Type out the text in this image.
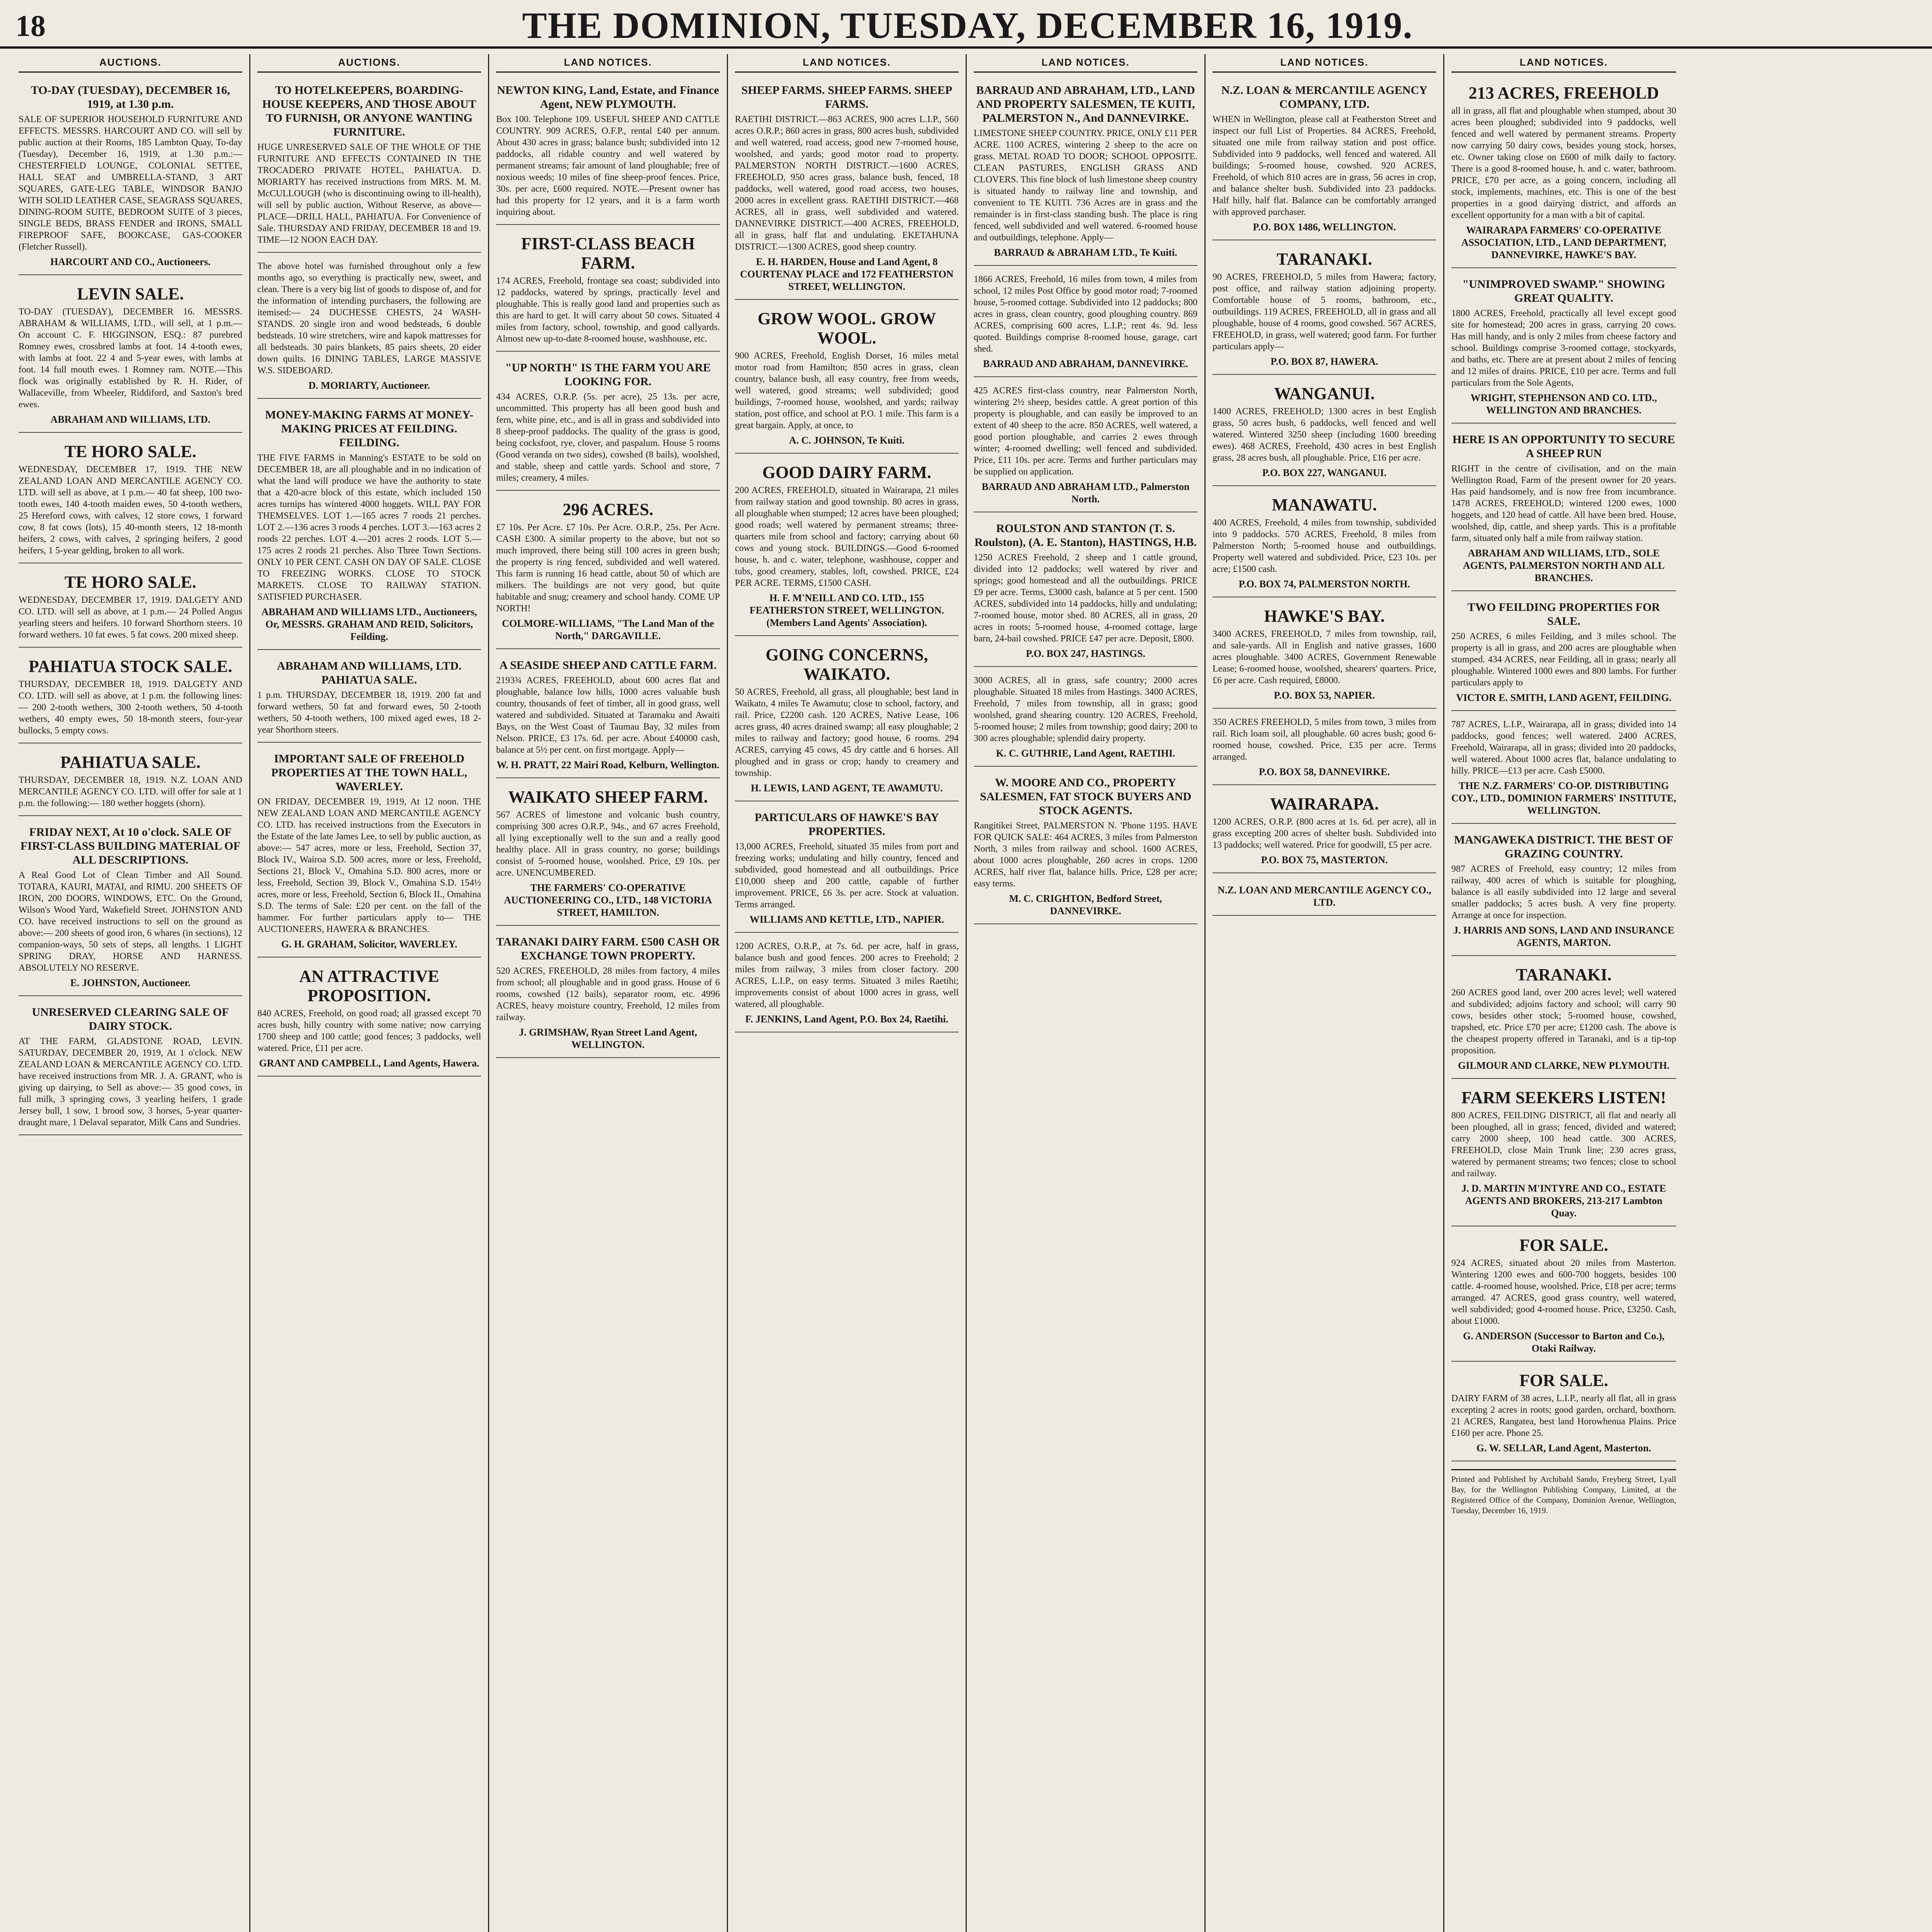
18	THE DOMINION, TUESDAY, DECEMBER 16, 1919.
AUCTIONS.
TO-DAY (TUESDAY), DECEMBER 16, 1919, at 1.30 p.m.
SALE OF SUPERIOR HOUSEHOLD FURNITURE AND EFFECTS. MESSRS. HARCOURT AND CO. will sell by public auction at their Rooms, 185 Lambton Quay, To-day (Tuesday), December 16, 1919, at 1.30 p.m.:— CHESTERFIELD LOUNGE, COLONIAL SETTEE, HALL SEAT and UMBRELLA-STAND, 3 ART SQUARES, GATE-LEG TABLE, WINDSOR BANJO WITH SOLID LEATHER CASE, SEAGRASS SQUARES, DINING-ROOM SUITE, BEDROOM SUITE of 3 pieces, SINGLE BEDS, BRASS FENDER and IRONS, SMALL FIREPROOF SAFE, BOOKCASE, GAS-COOKER (Fletcher Russell).
HARCOURT AND CO., Auctioneers.
LEVIN SALE.
TO-DAY (TUESDAY), DECEMBER 16. MESSRS. ABRAHAM & WILLIAMS, LTD., will sell, at 1 p.m.— On account C. F. HIGGINSON, ESQ.: 87 purebred Romney ewes, crossbred lambs at foot. 14 4-tooth ewes, with lambs at foot. 22 4 and 5-year ewes, with lambs at foot. 14 full mouth ewes. 1 Romney ram. NOTE.—This flock was originally established by R. H. Rider, of Wallaceville, from Wheeler, Riddiford, and Saxton's bred ewes.
ABRAHAM AND WILLIAMS, LTD.
TE HORO SALE.
WEDNESDAY, DECEMBER 17, 1919. THE NEW ZEALAND LOAN AND MERCANTILE AGENCY CO. LTD. will sell as above, at 1 p.m.— 40 fat sheep, 100 two-tooth ewes, 140 4-tooth maiden ewes, 50 4-tooth wethers, 25 Hereford cows, with calves, 12 store cows, 1 forward cow, 8 fat cows (lots), 15 40-month steers, 12 18-month heifers, 2 cows, with calves, 2 springing heifers, 2 good heifers, 1 5-year gelding, broken to all work.
TE HORO SALE.
WEDNESDAY, DECEMBER 17, 1919. DALGETY AND CO. LTD. will sell as above, at 1 p.m.— 24 Polled Angus yearling steers and heifers. 10 forward Shorthorn steers. 10 forward wethers. 10 fat ewes. 5 fat cows. 200 mixed sheep.
PAHIATUA STOCK SALE.
THURSDAY, DECEMBER 18, 1919. DALGETY AND CO. LTD. will sell as above, at 1 p.m. the following lines:— 200 2-tooth wethers, 300 2-tooth wethers, 50 4-tooth wethers, 40 empty ewes, 50 18-month steers, four-year bullocks, 5 empty cows.
PAHIATUA SALE.
THURSDAY, DECEMBER 18, 1919. N.Z. LOAN AND MERCANTILE AGENCY CO. LTD. will offer for sale at 1 p.m. the following:— 180 wether hoggets (shorn).
FRIDAY NEXT, At 10 o'clock. SALE OF FIRST-CLASS BUILDING MATERIAL OF ALL DESCRIPTIONS.
A Real Good Lot of Clean Timber and All Sound. TOTARA, KAURI, MATAI, and RIMU. 200 SHEETS OF IRON, 200 DOORS, WINDOWS, ETC. On the Ground, Wilson's Wood Yard, Wakefield Street. JOHNSTON AND CO. have received instructions to sell on the ground as above:— 200 sheets of good iron, 6 whares (in sections), 12 companion-ways, 50 sets of steps, all lengths. 1 LIGHT SPRING DRAY, HORSE AND HARNESS. ABSOLUTELY NO RESERVE.
E. JOHNSTON, Auctioneer.
UNRESERVED CLEARING SALE OF DAIRY STOCK.
AT THE FARM, GLADSTONE ROAD, LEVIN. SATURDAY, DECEMBER 20, 1919, At 1 o'clock. NEW ZEALAND LOAN & MERCANTILE AGENCY CO. LTD. have received instructions from MR. J. A. GRANT, who is giving up dairying, to Sell as above:— 35 good cows, in full milk, 3 springing cows, 3 yearling heifers, 1 grade Jersey bull, 1 sow, 1 brood sow, 3 horses, 5-year quarter-draught mare, 1 Delaval separator, Milk Cans and Sundries.
AUCTIONS.
TO HOTELKEEPERS, BOARDING-HOUSE KEEPERS, AND THOSE ABOUT TO FURNISH, OR ANYONE WANTING FURNITURE.
HUGE UNRESERVED SALE OF THE WHOLE OF THE FURNITURE AND EFFECTS CONTAINED IN THE TROCADERO PRIVATE HOTEL, PAHIATUA. D. MORIARTY has received instructions from MRS. M. M. McCULLOUGH (who is discontinuing owing to ill-health), will sell by public auction, Without Reserve, as above— PLACE—DRILL HALL, PAHIATUA. For Convenience of Sale. THURSDAY AND FRIDAY, DECEMBER 18 and 19. TIME—12 NOON EACH DAY.
The above hotel was furnished throughout only a few months ago, so everything is practically new, sweet, and clean. There is a very big list of goods to dispose of, and for the information of intending purchasers, the following are itemised:— 24 DUCHESSE CHESTS, 24 WASH-STANDS. 20 single iron and wood bedsteads, 6 double bedsteads. 10 wire stretchers, wire and kapok mattresses for all bedsteads. 30 pairs blankets, 85 pairs sheets, 20 eider down quilts. 16 DINING TABLES, LARGE MASSIVE W.S. SIDEBOARD.
D. MORIARTY, Auctioneer.
MONEY-MAKING FARMS AT MONEY-MAKING PRICES AT FEILDING. FEILDING.
THE FIVE FARMS in Manning's ESTATE to be sold on DECEMBER 18, are all ploughable and in no indication of what the land will produce we have the authority to state that a 420-acre block of this estate, which included 150 acres turnips has wintered 4000 hoggets. WILL PAY FOR THEMSELVES. LOT 1.—165 acres 7 roods 21 perches. LOT 2.—136 acres 3 roods 4 perches. LOT 3.—163 acres 2 roods 22 perches. LOT 4.—201 acres 2 roods. LOT 5.—175 acres 2 roods 21 perches. Also Three Town Sections. ONLY 10 PER CENT. CASH ON DAY OF SALE. CLOSE TO FREEZING WORKS. CLOSE TO STOCK MARKETS. CLOSE TO RAILWAY STATION. SATISFIED PURCHASER.
ABRAHAM AND WILLIAMS LTD., Auctioneers, Or, MESSRS. GRAHAM AND REID, Solicitors, Feilding.
ABRAHAM AND WILLIAMS, LTD. PAHIATUA SALE.
1 p.m. THURSDAY, DECEMBER 18, 1919. 200 fat and forward wethers, 50 fat and forward ewes, 50 2-tooth wethers, 50 4-tooth wethers, 100 mixed aged ewes, 18 2-year Shorthorn steers.
IMPORTANT SALE OF FREEHOLD PROPERTIES AT THE TOWN HALL, WAVERLEY.
ON FRIDAY, DECEMBER 19, 1919, At 12 noon. THE NEW ZEALAND LOAN AND MERCANTILE AGENCY CO. LTD. has received instructions from the Executors in the Estate of the late James Lee, to sell by public auction, as above:— 547 acres, more or less, Freehold, Section 37, Block IV., Wairoa S.D. 500 acres, more or less, Freehold, Sections 21, Block V., Omahina S.D. 800 acres, more or less, Freehold, Section 39, Block V., Omahina S.D. 154½ acres, more or less, Freehold, Section 6, Block II., Omahina S.D. The terms of Sale: £20 per cent. on the fall of the hammer. For further particulars apply to— THE AUCTIONEERS, HAWERA & BRANCHES.
G. H. GRAHAM, Solicitor, WAVERLEY.
AN ATTRACTIVE PROPOSITION.
840 ACRES, Freehold, on good road; all grassed except 70 acres bush, hilly country with some native; now carrying 1700 sheep and 100 cattle; good fences; 3 paddocks, well watered. Price, £11 per acre.
GRANT AND CAMPBELL, Land Agents, Hawera.
LAND NOTICES.
NEWTON KING, Land, Estate, and Finance Agent, NEW PLYMOUTH.
Box 100. Telephone 109. USEFUL SHEEP AND CATTLE COUNTRY. 909 ACRES, O.F.P., rental £40 per annum. About 430 acres in grass; balance bush; subdivided into 12 paddocks, all ridable country and well watered by permanent streams; fair amount of land ploughable; free of noxious weeds; 10 miles of fine sheep-proof fences. Price, 30s. per acre, £600 required. NOTE.—Present owner has had this property for 12 years, and it is a farm worth inquiring about.
FIRST-CLASS BEACH FARM.
174 ACRES, Freehold, frontage sea coast; subdivided into 12 paddocks, watered by springs, practically level and ploughable. This is really good land and properties such as this are hard to get. It will carry about 50 cows. Situated 4 miles from factory, school, township, and good callyards. Almost new up-to-date 8-roomed house, washhouse, etc.
"UP NORTH" IS THE FARM YOU ARE LOOKING FOR.
434 ACRES, O.R.P. (5s. per acre), 25 13s. per acre, uncommitted. This property has all been good bush and fern, white pine, etc., and is all in grass and subdivided into 8 sheep-proof paddocks. The quality of the grass is good, being cocksfoot, rye, clover, and paspalum. House 5 rooms (Good veranda on two sides), cowshed (8 bails), woolshed, and stable, sheep and cattle yards. School and store, 7 miles; creamery, 4 miles.
296 ACRES.
£7 10s. Per Acre. £7 10s. Per Acre. O.R.P., 25s. Per Acre. CASH £300. A similar property to the above, but not so much improved, there being still 100 acres in green bush; the property is ring fenced, subdivided and well watered. This farm is running 16 head cattle, about 50 of which are milkers. The buildings are not very good, but quite habitable and snug; creamery and school handy. COME UP NORTH!
COLMORE-WILLIAMS, "The Land Man of the North," DARGAVILLE.
A SEASIDE SHEEP AND CATTLE FARM.
2193¾ ACRES, FREEHOLD, about 600 acres flat and ploughable, balance low hills, 1000 acres valuable bush country, thousands of feet of timber, all in good grass, well watered and subdivided. Situated at Taramaku and Awaiti Bays, on the West Coast of Taumau Bay, 32 miles from Nelson. PRICE, £3 17s. 6d. per acre. About £40000 cash, balance at 5½ per cent. on first mortgage. Apply—
W. H. PRATT, 22 Mairi Road, Kelburn, Wellington.
WAIKATO SHEEP FARM.
567 ACRES of limestone and volcanic bush country, comprising 300 acres O.R.P., 94s., and 67 acres Freehold, all lying exceptionally well to the sun and a really good healthy place. All in grass country, no gorse; buildings consist of 5-roomed house, woolshed. Price, £9 10s. per acre. UNENCUMBERED.
THE FARMERS' CO-OPERATIVE AUCTIONEERING CO., LTD., 148 VICTORIA STREET, HAMILTON.
TARANAKI DAIRY FARM. £500 CASH OR EXCHANGE TOWN PROPERTY.
520 ACRES, FREEHOLD, 28 miles from factory, 4 miles from school; all ploughable and in good grass. House of 6 rooms, cowshed (12 bails), separator room, etc. 4996 ACRES, heavy moisture country, Freehold, 12 miles from railway.
J. GRIMSHAW, Ryan Street Land Agent, WELLINGTON.
LAND NOTICES.
SHEEP FARMS. SHEEP FARMS. SHEEP FARMS.
RAETIHI DISTRICT.—863 ACRES, 900 acres L.I.P., 560 acres O.R.P.; 860 acres in grass, 800 acres bush, subdivided and well watered, road access, good new 7-roomed house, woolshed, and yards; good motor road to property. PALMERSTON NORTH DISTRICT.—1600 ACRES, FREEHOLD, 950 acres grass, balance bush, fenced, 18 paddocks, well watered, good road access, two houses, 2000 acres in excellent grass. RAETIHI DISTRICT.—468 ACRES, all in grass, well subdivided and watered. DANNEVIRKE DISTRICT.—400 ACRES, FREEHOLD, all in grass, half flat and undulating. EKETAHUNA DISTRICT.—1300 ACRES, good sheep country.
E. H. HARDEN, House and Land Agent, 8 COURTENAY PLACE and 172 FEATHERSTON STREET, WELLINGTON.
GROW WOOL. GROW WOOL.
900 ACRES, Freehold, English Dorset, 16 miles metal motor road from Hamilton; 850 acres in grass, clean country, balance bush, all easy country, free from weeds, well watered, good streams; well subdivided; good buildings, 7-roomed house, woolshed, and yards; railway station, post office, and school at P.O. 1 mile. This farm is a great bargain. Apply, at once, to
A. C. JOHNSON, Te Kuiti.
GOOD DAIRY FARM.
200 ACRES, FREEHOLD, situated in Wairarapa, 21 miles from railway station and good township. 80 acres in grass, all ploughable when stumped; 12 acres have been ploughed; good roads; well watered by permanent streams; three-quarters mile from school and factory; carrying about 60 cows and young stock. BUILDINGS.—Good 6-roomed house, h. and c. water, telephone, washhouse, copper and tubs, good creamery, stables, loft, cowshed. PRICE, £24 PER ACRE. TERMS, £1500 CASH.
H. F. M'NEILL AND CO. LTD., 155 FEATHERSTON STREET, WELLINGTON. (Members Land Agents' Association).
GOING CONCERNS, WAIKATO.
50 ACRES, Freehold, all grass, all ploughable; best land in Waikato, 4 miles Te Awamutu; close to school, factory, and rail. Price, £2200 cash. 120 ACRES, Native Lease, 106 acres grass, 40 acres drained swamp; all easy ploughable; 2 miles to railway and factory; good house, 6 rooms. 294 ACRES, carrying 45 cows, 45 dry cattle and 6 horses. All ploughed and in grass or crop; handy to creamery and township.
H. LEWIS, LAND AGENT, TE AWAMUTU.
PARTICULARS OF HAWKE'S BAY PROPERTIES.
13,000 ACRES, Freehold, situated 35 miles from port and freezing works; undulating and hilly country, fenced and subdivided, good homestead and all outbuildings. Price £10,000 sheep and 200 cattle, capable of further improvement. PRICE, £6 3s. per acre. Stock at valuation. Terms arranged.
WILLIAMS AND KETTLE, LTD., NAPIER.
1200 ACRES, O.R.P., at 7s. 6d. per acre, half in grass, balance bush and good fences. 200 acres to Freehold; 2 miles from railway, 3 miles from closer factory. 200 ACRES, L.I.P., on easy terms. Situated 3 miles Raetihi; improvements consist of about 1000 acres in grass, well watered, all ploughable.
F. JENKINS, Land Agent, P.O. Box 24, Raetihi.
LAND NOTICES.
BARRAUD AND ABRAHAM, LTD., LAND AND PROPERTY SALESMEN, TE KUITI, PALMERSTON N., And DANNEVIRKE.
LIMESTONE SHEEP COUNTRY. PRICE, ONLY £11 PER ACRE. 1100 ACRES, wintering 2 sheep to the acre on grass. METAL ROAD TO DOOR; SCHOOL OPPOSITE. CLEAN PASTURES, ENGLISH GRASS AND CLOVERS. This fine block of lush limestone sheep country is situated handy to railway line and township, and convenient to TE KUITI. 736 Acres are in grass and the remainder is in first-class standing bush. The place is ring fenced, well subdivided and well watered. 6-roomed house and outbuildings, telephone. Apply—
BARRAUD & ABRAHAM LTD., Te Kuiti.
1866 ACRES, Freehold, 16 miles from town, 4 miles from school, 12 miles Post Office by good motor road; 7-roomed house, 5-roomed cottage. Subdivided into 12 paddocks; 800 acres in grass, clean country, good ploughing country. 869 ACRES, comprising 600 acres, L.I.P.; rent 4s. 9d. less quoted. Buildings comprise 8-roomed house, garage, cart shed.
BARRAUD AND ABRAHAM, DANNEVIRKE.
425 ACRES first-class country, near Palmerston North, wintering 2½ sheep, besides cattle. A great portion of this property is ploughable, and can easily be improved to an extent of 40 sheep to the acre. 850 ACRES, well watered, a good portion ploughable, and carries 2 ewes through winter; 4-roomed dwelling; well fenced and subdivided. Price, £11 10s. per acre. Terms and further particulars may be supplied on application.
BARRAUD AND ABRAHAM LTD., Palmerston North.
ROULSTON AND STANTON (T. S. Roulston), (A. E. Stanton), HASTINGS, H.B.
1250 ACRES Freehold, 2 sheep and 1 cattle ground, divided into 12 paddocks; well watered by river and springs; good homestead and all the outbuildings. PRICE £9 per acre. Terms, £3000 cash, balance at 5 per cent. 1500 ACRES, subdivided into 14 paddocks, hilly and undulating; 7-roomed house, motor shed. 80 ACRES, all in grass, 20 acres in roots; 5-roomed house, 4-roomed cottage, large barn, 24-bail cowshed. PRICE £47 per acre. Deposit, £800.
P.O. BOX 247, HASTINGS.
3000 ACRES, all in grass, safe country; 2000 acres ploughable. Situated 18 miles from Hastings. 3400 ACRES, Freehold, 7 miles from township, all in grass; good woolshed, grand shearing country. 120 ACRES, Freehold, 5-roomed house; 2 miles from township; good dairy; 200 to 300 acres ploughable; splendid dairy property.
K. C. GUTHRIE, Land Agent, RAETIHI.
W. MOORE AND CO., PROPERTY SALESMEN, FAT STOCK BUYERS AND STOCK AGENTS.
Rangitikei Street, PALMERSTON N. 'Phone 1195. HAVE FOR QUICK SALE: 464 ACRES, 3 miles from Palmerston North, 3 miles from railway and school. 1600 ACRES, about 1000 acres ploughable, 260 acres in crops. 1200 ACRES, half river flat, balance hills. Price, £28 per acre; easy terms.
M. C. CRIGHTON, Bedford Street, DANNEVIRKE.
LAND NOTICES.
N.Z. LOAN & MERCANTILE AGENCY COMPANY, LTD.
WHEN in Wellington, please call at Featherston Street and inspect our full List of Properties. 84 ACRES, Freehold, situated one mile from railway station and post office. Subdivided into 9 paddocks, well fenced and watered. All buildings; 5-roomed house, cowshed. 920 ACRES, Freehold, of which 810 acres are in grass, 56 acres in crop, and balance shelter bush. Subdivided into 23 paddocks. Half hilly, half flat. Balance can be comfortably arranged with approved purchaser.
P.O. BOX 1486, WELLINGTON.
TARANAKI.
90 ACRES, FREEHOLD, 5 miles from Hawera; factory, post office, and railway station adjoining property. Comfortable house of 5 rooms, bathroom, etc., outbuildings. 119 ACRES, FREEHOLD, all in grass and all ploughable, house of 4 rooms, good cowshed. 567 ACRES, FREEHOLD, in grass, well watered; good farm. For further particulars apply—
P.O. BOX 87, HAWERA.
WANGANUI.
1400 ACRES, FREEHOLD; 1300 acres in best English grass, 50 acres bush, 6 paddocks, well fenced and well watered. Wintered 3250 sheep (including 1600 breeding ewes). 468 ACRES, Freehold, 430 acres in best English grass, 28 acres bush, all ploughable. Price, £16 per acre.
P.O. BOX 227, WANGANUI.
MANAWATU.
400 ACRES, Freehold, 4 miles from township, subdivided into 9 paddocks. 570 ACRES, Freehold, 8 miles from Palmerston North; 5-roomed house and outbuildings. Property well watered and subdivided. Price, £23 10s. per acre; £1500 cash.
P.O. BOX 74, PALMERSTON NORTH.
HAWKE'S BAY.
3400 ACRES, FREEHOLD, 7 miles from township, rail, and sale-yards. All in English and native grasses, 1600 acres ploughable. 3400 ACRES, Government Renewable Lease; 6-roomed house, woolshed, shearers' quarters. Price, £6 per acre. Cash required, £8000.
P.O. BOX 53, NAPIER.
350 ACRES FREEHOLD, 5 miles from town, 3 miles from rail. Rich loam soil, all ploughable. 60 acres bush; good 6-roomed house, cowshed. Price, £35 per acre. Terms arranged.
P.O. BOX 58, DANNEVIRKE.
WAIRARAPA.
1200 ACRES, O.R.P. (800 acres at 1s. 6d. per acre), all in grass excepting 200 acres of shelter bush. Subdivided into 13 paddocks; well watered. Price for goodwill, £5 per acre.
P.O. BOX 75, MASTERTON.
N.Z. LOAN AND MERCANTILE AGENCY CO., LTD.
LAND NOTICES.
213 ACRES, FREEHOLD
all in grass, all flat and ploughable when stumped, about 30 acres been ploughed; subdivided into 9 paddocks, well fenced and well watered by permanent streams. Property now carrying 50 dairy cows, besides young stock, horses, etc. Owner taking close on £600 of milk daily to factory. There is a good 8-roomed house, h. and c. water, bathroom. PRICE, £70 per acre, as a going concern, including all stock, implements, machines, etc. This is one of the best properties in a good dairying district, and affords an excellent opportunity for a man with a bit of capital.
WAIRARAPA FARMERS' CO-OPERATIVE ASSOCIATION, LTD., LAND DEPARTMENT, DANNEVIRKE, HAWKE'S BAY.
"UNIMPROVED SWAMP." SHOWING GREAT QUALITY.
1800 ACRES, Freehold, practically all level except good site for homestead; 200 acres in grass, carrying 20 cows. Has mill handy, and is only 2 miles from cheese factory and school. Buildings comprise 3-roomed cottage, stockyards, and baths, etc. There are at present about 2 miles of fencing and 12 miles of drains. PRICE, £10 per acre. Terms and full particulars from the Sole Agents,
WRIGHT, STEPHENSON AND CO. LTD., WELLINGTON AND BRANCHES.
HERE IS AN OPPORTUNITY TO SECURE A SHEEP RUN
RIGHT in the centre of civilisation, and on the main Wellington Road, Farm of the present owner for 20 years. Has paid handsomely, and is now free from incumbrance. 1478 ACRES, FREEHOLD; wintered 1200 ewes, 1000 hoggets, and 120 head of cattle. All have been bred. House, woolshed, dip, cattle, and sheep yards. This is a profitable farm, situated only half a mile from railway station.
ABRAHAM AND WILLIAMS, LTD., SOLE AGENTS, PALMERSTON NORTH AND ALL BRANCHES.
TWO FEILDING PROPERTIES FOR SALE.
250 ACRES, 6 miles Feilding, and 3 miles school. The property is all in grass, and 200 acres are ploughable when stumped. 434 ACRES, near Feilding, all in grass; nearly all ploughable. Wintered 1000 ewes and 800 lambs. For further particulars apply to
VICTOR E. SMITH, LAND AGENT, FEILDING.
787 ACRES, L.I.P., Wairarapa, all in grass; divided into 14 paddocks, good fences; well watered. 2400 ACRES, Freehold, Wairarapa, all in grass; divided into 20 paddocks, well watered. About 1000 acres flat, balance undulating to hilly. PRICE—£13 per acre. Cash £5000.
THE N.Z. FARMERS' CO-OP. DISTRIBUTING COY., LTD., DOMINION FARMERS' INSTITUTE, WELLINGTON.
MANGAWEKA DISTRICT. THE BEST OF GRAZING COUNTRY.
987 ACRES of Freehold, easy country; 12 miles from railway, 400 acres of which is suitable for ploughing, balance is all easily subdivided into 12 large and several smaller paddocks; 5 acres bush. A very fine property. Arrange at once for inspection.
J. HARRIS AND SONS, LAND AND INSURANCE AGENTS, MARTON.
TARANAKI.
260 ACRES good land, over 200 acres level; well watered and subdivided; adjoins factory and school; will carry 90 cows, besides other stock; 5-roomed house, cowshed, trapshed, etc. Price £70 per acre; £1200 cash. The above is the cheapest property offered in Taranaki, and is a tip-top proposition.
GILMOUR AND CLARKE, NEW PLYMOUTH.
FARM SEEKERS LISTEN!
800 ACRES, FEILDING DISTRICT, all flat and nearly all been ploughed, all in grass; fenced, divided and watered; carry 2000 sheep, 100 head cattle. 300 ACRES, FREEHOLD, close Main Trunk line; 230 acres grass, watered by permanent streams; two fences; close to school and railway.
J. D. MARTIN M'INTYRE AND CO., ESTATE AGENTS AND BROKERS, 213-217 Lambton Quay.
FOR SALE.
924 ACRES, situated about 20 miles from Masterton. Wintering 1200 ewes and 600-700 hoggets, besides 100 cattle. 4-roomed house, woolshed. Price, £18 per acre; terms arranged. 47 ACRES, good grass country, well watered, well subdivided; good 4-roomed house. Price, £3250. Cash, about £1000.
G. ANDERSON (Successor to Barton and Co.), Otaki Railway.
FOR SALE.
DAIRY FARM of 38 acres, L.I.P., nearly all flat, all in grass excepting 2 acres in roots; good garden, orchard, boxthorn. 21 ACRES, Rangatea, best land Horowhenua Plains. Price £160 per acre. Phone 25.
G. W. SELLAR, Land Agent, Masterton.
Printed and Published by Archibald Sando, Freyberg Street, Lyall Bay, for the Wellington Publishing Company, Limited, at the Registered Office of the Company, Dominion Avenue, Wellington, Tuesday, December 16, 1919.
